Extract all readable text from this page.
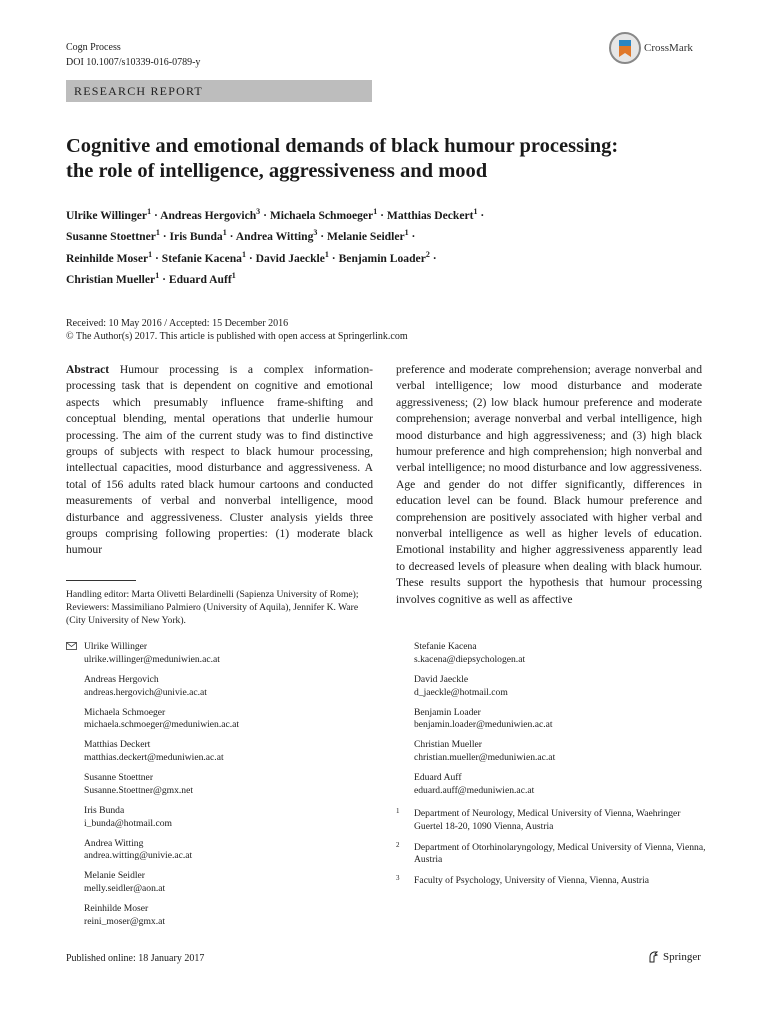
Cogn Process
DOI 10.1007/s10339-016-0789-y
CrossMark
RESEARCH REPORT
Cognitive and emotional demands of black humour processing:
the role of intelligence, aggressiveness and mood
Ulrike Willinger$^1$ · Andreas Hergovich$^3$ · Michaela Schmoeger$^1$ · Matthias Deckert$^1$ ·
Susanne Stoettner$^1$ · Iris Bunda$^1$ · Andrea Witting$^3$ · Melanie Seidler$^1$ ·
Reinhilde Moser$^1$ · Stefanie Kacena$^1$ · David Jaeckle$^1$ · Benjamin Loader$^2$ ·
Christian Mueller$^1$ · Eduard Auff$^1$
Received: 10 May 2016 / Accepted: 15 December 2016
© The Author(s) 2017. This article is published with open access at Springerlink.com

Abstract Humour processing is a complex information-processing task that is dependent on cognitive and emotional aspects which presumably influence frame-shifting and conceptual blending, mental operations that underlie humour processing. The aim of the current study was to find distinctive groups of subjects with respect to black humour processing, intellectual capacities, mood disturbance and aggressiveness. A total of 156 adults rated black humour cartoons and conducted measurements of verbal and nonverbal intelligence, mood disturbance and aggressiveness. Cluster analysis yields three groups comprising following properties: (1) moderate black humour

preference and moderate comprehension; average nonverbal and verbal intelligence; low mood disturbance and moderate aggressiveness; (2) low black humour preference and moderate comprehension; average nonverbal and verbal intelligence, high mood disturbance and high aggressiveness; and (3) high black humour preference and high comprehension; high nonverbal and verbal intelligence; no mood disturbance and low aggressiveness. Age and gender do not differ significantly, differences in education level can be found. Black humour preference and comprehension are positively associated with higher verbal and nonverbal intelligence as well as higher levels of education. Emotional instability and higher aggressiveness apparently lead to decreased levels of pleasure when dealing with black humour. These results support the hypothesis that humour processing involves cognitive as well as affective

Handling editor: Marta Olivetti Belardinelli (Sapienza University of Rome); Reviewers: Massimiliano Palmiero (University of Aquila), Jennifer K. Ware (City University of New York).
Ulrike Willinger
ulrike.willinger@meduniwien.ac.at
Andreas Hergovich
andreas.hergovich@univie.ac.at
Michaela Schmoeger
michaela.schmoeger@meduniwien.ac.at
Matthias Deckert
matthias.deckert@meduniwien.ac.at
Susanne Stoettner
Susanne.Stoettner@gmx.net
Iris Bunda
i_bunda@hotmail.com
Andrea Witting
andrea.witting@univie.ac.at
Melanie Seidler
melly.seidler@aon.at
Reinhilde Moser
reini_moser@gmx.at
Stefanie Kacena
s.kacena@diepsychologen.at
David Jaeckle
d_jaeckle@hotmail.com
Benjamin Loader
benjamin.loader@meduniwien.ac.at
Christian Mueller
christian.mueller@meduniwien.ac.at
Eduard Auff
eduard.auff@meduniwien.ac.at
1 Department of Neurology, Medical University of Vienna, Waehringer Guertel 18-20, 1090 Vienna, Austria
2 Department of Otorhinolaryngology, Medical University of Vienna, Vienna, Austria
3 Faculty of Psychology, University of Vienna, Vienna, Austria
Published online: 18 January 2017	Springer
